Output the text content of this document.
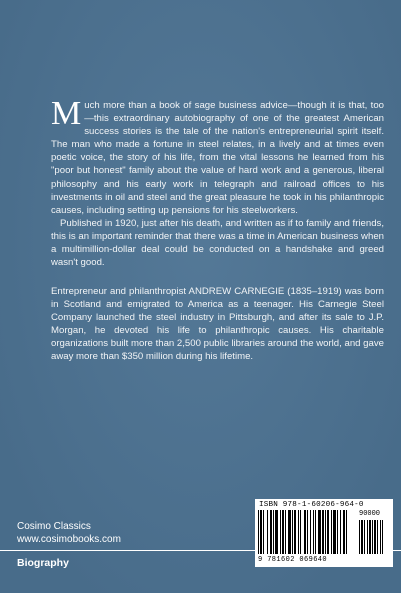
Much more than a book of sage business advice—though it is that, too—this extraordinary autobiography of one of the greatest American success stories is the tale of the nation's entrepreneurial spirit itself. The man who made a fortune in steel relates, in a lively and at times even poetic voice, the story of his life, from the vital lessons he learned from his "poor but honest" family about the value of hard work and a generous, liberal philosophy and his early work in telegraph and railroad offices to his investments in oil and steel and the great pleasure he took in his philanthropic causes, including setting up pensions for his steelworkers.

Published in 1920, just after his death, and written as if to family and friends, this is an important reminder that there was a time in American business when a multimillion-dollar deal could be conducted on a handshake and greed wasn't good.

Entrepreneur and philanthropist ANDREW CARNEGIE (1835–1919) was born in Scotland and emigrated to America as a teenager. His Carnegie Steel Company launched the steel industry in Pittsburgh, and after its sale to J.P. Morgan, he devoted his life to philanthropic causes. His charitable organizations built more than 2,500 public libraries around the world, and gave away more than $350 million during his lifetime.

Cosimo Classics
www.cosimobooks.com
Biography
ISBN 978-1-60206-964-0
90000
9 781602 069640
